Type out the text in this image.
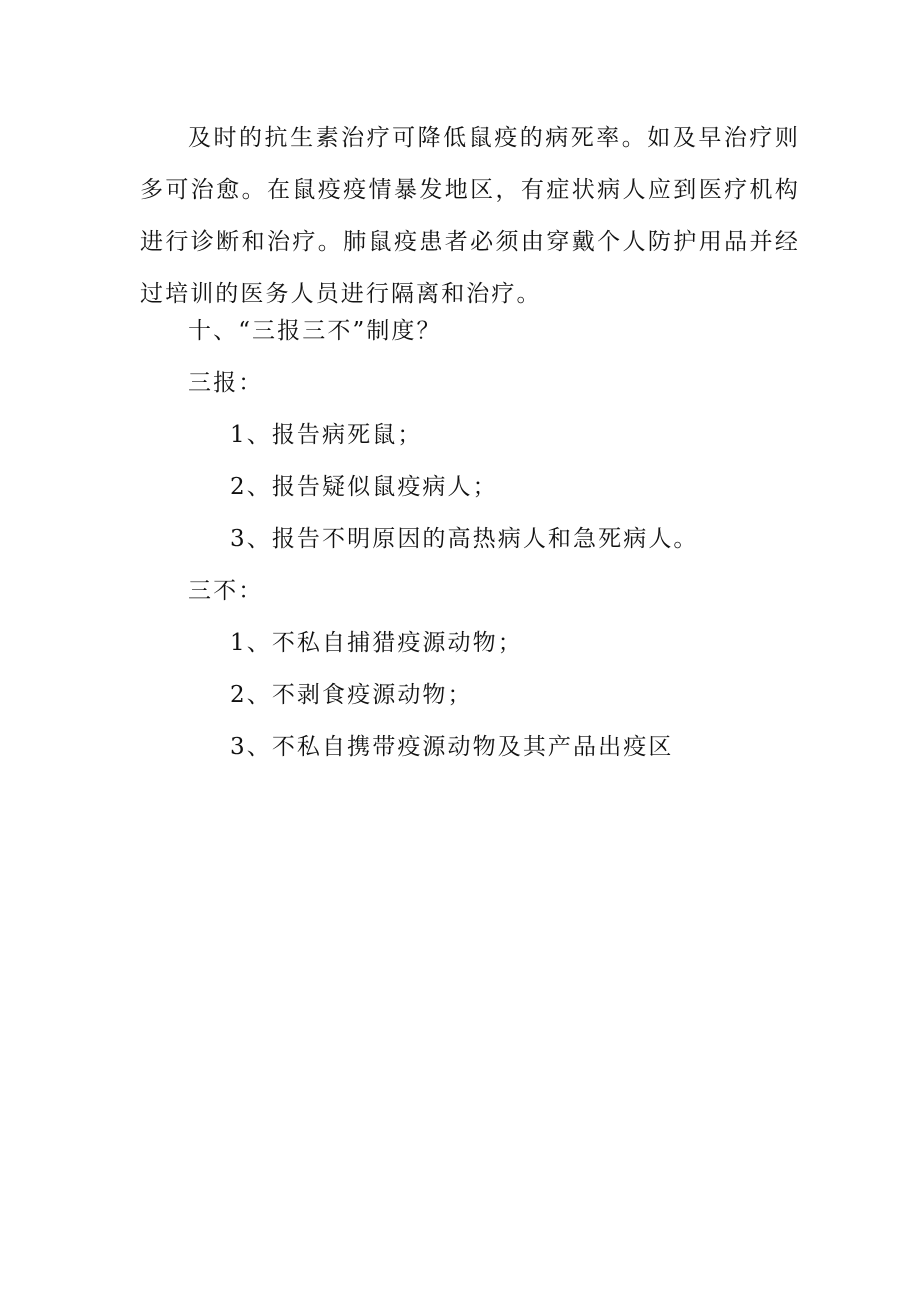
及时的抗生素治疗可降低鼠疫的病死率。如及早治疗则多可治愈。在鼠疫疫情暴发地区，有症状病人应到医疗机构进行诊断和治疗。肺鼠疫患者必须由穿戴个人防护用品并经过培训的医务人员进行隔离和治疗。
十、“三报三不”制度？
三报：
1、报告病死鼠；
2、报告疑似鼠疫病人；
3、报告不明原因的高热病人和急死病人。
三不：
1、不私自捕猎疫源动物；
2、不剥食疫源动物；
3、不私自携带疫源动物及其产品出疫区
